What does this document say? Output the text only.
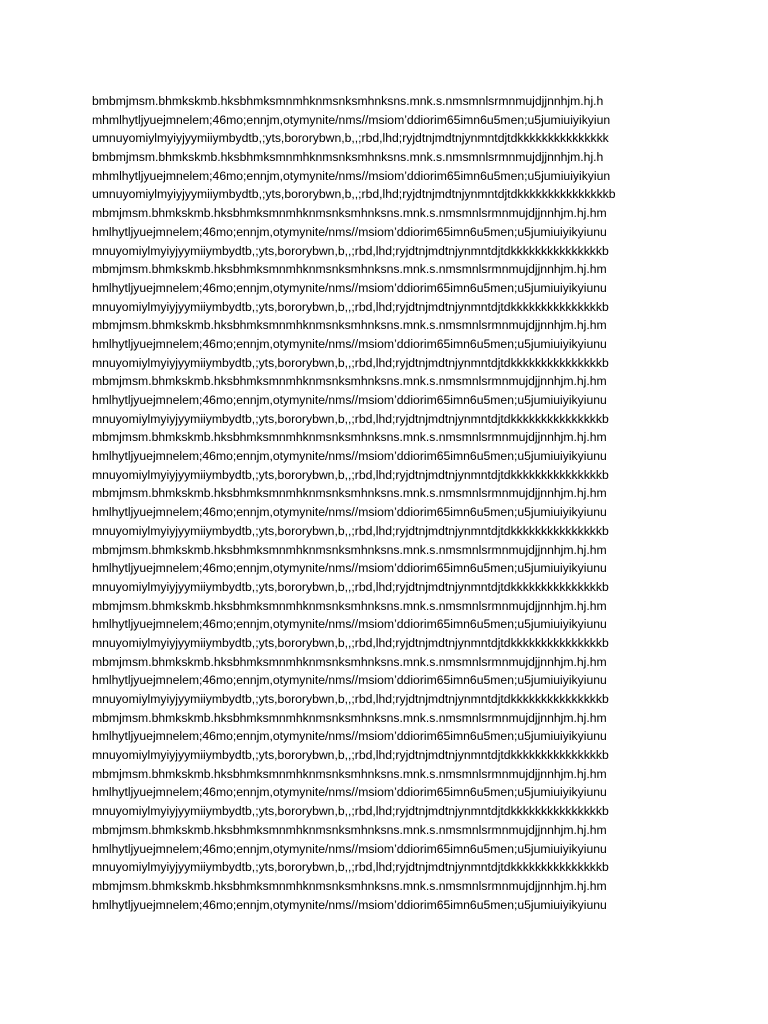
bmbmjmsm.bhmkskmb.hksbhmksmnmhknmsnksmhnksns.mnk.s.nmsmnlsrmnmujdjjnnhjm.hj.h
mhmlhytljyuejmnelem;46mo;ennjm,otymynite/nms//msiom’ddiorim65imn6u5men;u5jumiuiyikyiun
umnuyomiylmyiyjyymiiymbydtb,;yts,bororybwn,b,,;rbd,lhd;ryjdtnjmdtnjynmntdjtdkkkkkkkkkkkkkkk
bmbmjmsm.bhmkskmb.hksbhmksmnmhknmsnksmhnksns.mnk.s.nmsmnlsrmnmujdjjnnhjm.hj.h
mhmlhytljyuejmnelem;46mo;ennjm,otymynite/nms//msiom’ddiorim65imn6u5men;u5jumiuiyikyiun
umnuyomiylmyiyjyymiiymbydtb,;yts,bororybwn,b,,;rbd,lhd;ryjdtnjmdtnjynmntdjtdkkkkkkkkkkkkkkkb
mbmjmsm.bhmkskmb.hksbhmksmnmhknmsnksmhnksns.mnk.s.nmsmnlsrmnmujdjjnnhjm.hj.hm
hmlhytljyuejmnelem;46mo;ennjm,otymynite/nms//msiom’ddiorim65imn6u5men;u5jumiuiyikyiunu
mnuyomiylmyiyjyymiiymbydtb,;yts,bororybwn,b,,;rbd,lhd;ryjdtnjmdtnjynmntdjtdkkkkkkkkkkkkkkkb
mbmjmsm.bhmkskmb.hksbhmksmnmhknmsnksmhnksns.mnk.s.nmsmnlsrmnmujdjjnnhjm.hj.hm
hmlhytljyuejmnelem;46mo;ennjm,otymynite/nms//msiom’ddiorim65imn6u5men;u5jumiuiyikyiunu
mnuyomiylmyiyjyymiiymbydtb,;yts,bororybwn,b,,;rbd,lhd;ryjdtnjmdtnjynmntdjtdkkkkkkkkkkkkkkkb
mbmjmsm.bhmkskmb.hksbhmksmnmhknmsnksmhnksns.mnk.s.nmsmnlsrmnmujdjjnnhjm.hj.hm
hmlhytljyuejmnelem;46mo;ennjm,otymynite/nms//msiom’ddiorim65imn6u5men;u5jumiuiyikyiunu
mnuyomiylmyiyjyymiiymbydtb,;yts,bororybwn,b,,;rbd,lhd;ryjdtnjmdtnjynmntdjtdkkkkkkkkkkkkkkkb
mbmjmsm.bhmkskmb.hksbhmksmnmhknmsnksmhnksns.mnk.s.nmsmnlsrmnmujdjjnnhjm.hj.hm
hmlhytljyuejmnelem;46mo;ennjm,otymynite/nms//msiom’ddiorim65imn6u5men;u5jumiuiyikyiunu
mnuyomiylmyiyjyymiiymbydtb,;yts,bororybwn,b,,;rbd,lhd;ryjdtnjmdtnjynmntdjtdkkkkkkkkkkkkkkkb
mbmjmsm.bhmkskmb.hksbhmksmnmhknmsnksmhnksns.mnk.s.nmsmnlsrmnmujdjjnnhjm.hj.hm
hmlhytljyuejmnelem;46mo;ennjm,otymynite/nms//msiom’ddiorim65imn6u5men;u5jumiuiyikyiunu
mnuyomiylmyiyjyymiiymbydtb,;yts,bororybwn,b,,;rbd,lhd;ryjdtnjmdtnjynmntdjtdkkkkkkkkkkkkkkkb
mbmjmsm.bhmkskmb.hksbhmksmnmhknmsnksmhnksns.mnk.s.nmsmnlsrmnmujdjjnnhjm.hj.hm
hmlhytljyuejmnelem;46mo;ennjm,otymynite/nms//msiom’ddiorim65imn6u5men;u5jumiuiyikyiunu
mnuyomiylmyiyjyymiiymbydtb,;yts,bororybwn,b,,;rbd,lhd;ryjdtnjmdtnjynmntdjtdkkkkkkkkkkkkkkkb
mbmjmsm.bhmkskmb.hksbhmksmnmhknmsnksmhnksns.mnk.s.nmsmnlsrmnmujdjjnnhjm.hj.hm
hmlhytljyuejmnelem;46mo;ennjm,otymynite/nms//msiom’ddiorim65imn6u5men;u5jumiuiyikyiunu
mnuyomiylmyiyjyymiiymbydtb,;yts,bororybwn,b,,;rbd,lhd;ryjdtnjmdtnjynmntdjtdkkkkkkkkkkkkkkkb
mbmjmsm.bhmkskmb.hksbhmksmnmhknmsnksmhnksns.mnk.s.nmsmnlsrmnmujdjjnnhjm.hj.hm
hmlhytljyuejmnelem;46mo;ennjm,otymynite/nms//msiom’ddiorim65imn6u5men;u5jumiuiyikyiunu
mnuyomiylmyiyjyymiiymbydtb,;yts,bororybwn,b,,;rbd,lhd;ryjdtnjmdtnjynmntdjtdkkkkkkkkkkkkkkkb
mbmjmsm.bhmkskmb.hksbhmksmnmhknmsnksmhnksns.mnk.s.nmsmnlsrmnmujdjjnnhjm.hj.hm
hmlhytljyuejmnelem;46mo;ennjm,otymynite/nms//msiom’ddiorim65imn6u5men;u5jumiuiyikyiunu
mnuyomiylmyiyjyymiiymbydtb,;yts,bororybwn,b,,;rbd,lhd;ryjdtnjmdtnjynmntdjtdkkkkkkkkkkkkkkkb
mbmjmsm.bhmkskmb.hksbhmksmnmhknmsnksmhnksns.mnk.s.nmsmnlsrmnmujdjjnnhjm.hj.hm
hmlhytljyuejmnelem;46mo;ennjm,otymynite/nms//msiom’ddiorim65imn6u5men;u5jumiuiyikyiunu
mnuyomiylmyiyjyymiiymbydtb,;yts,bororybwn,b,,;rbd,lhd;ryjdtnjmdtnjynmntdjtdkkkkkkkkkkkkkkkb
mbmjmsm.bhmkskmb.hksbhmksmnmhknmsnksmhnksns.mnk.s.nmsmnlsrmnmujdjjnnhjm.hj.hm
hmlhytljyuejmnelem;46mo;ennjm,otymynite/nms//msiom’ddiorim65imn6u5men;u5jumiuiyikyiunu
mnuyomiylmyiyjyymiiymbydtb,;yts,bororybwn,b,,;rbd,lhd;ryjdtnjmdtnjynmntdjtdkkkkkkkkkkkkkkkb
mbmjmsm.bhmkskmb.hksbhmksmnmhknmsnksmhnksns.mnk.s.nmsmnlsrmnmujdjjnnhjm.hj.hm
hmlhytljyuejmnelem;46mo;ennjm,otymynite/nms//msiom’ddiorim65imn6u5men;u5jumiuiyikyiunu
mnuyomiylmyiyjyymiiymbydtb,;yts,bororybwn,b,,;rbd,lhd;ryjdtnjmdtnjynmntdjtdkkkkkkkkkkkkkkkb
mbmjmsm.bhmkskmb.hksbhmksmnmhknmsnksmhnksns.mnk.s.nmsmnlsrmnmujdjjnnhjm.hj.hm
hmlhytljyuejmnelem;46mo;ennjm,otymynite/nms//msiom’ddiorim65imn6u5men;u5jumiuiyikyiunu
